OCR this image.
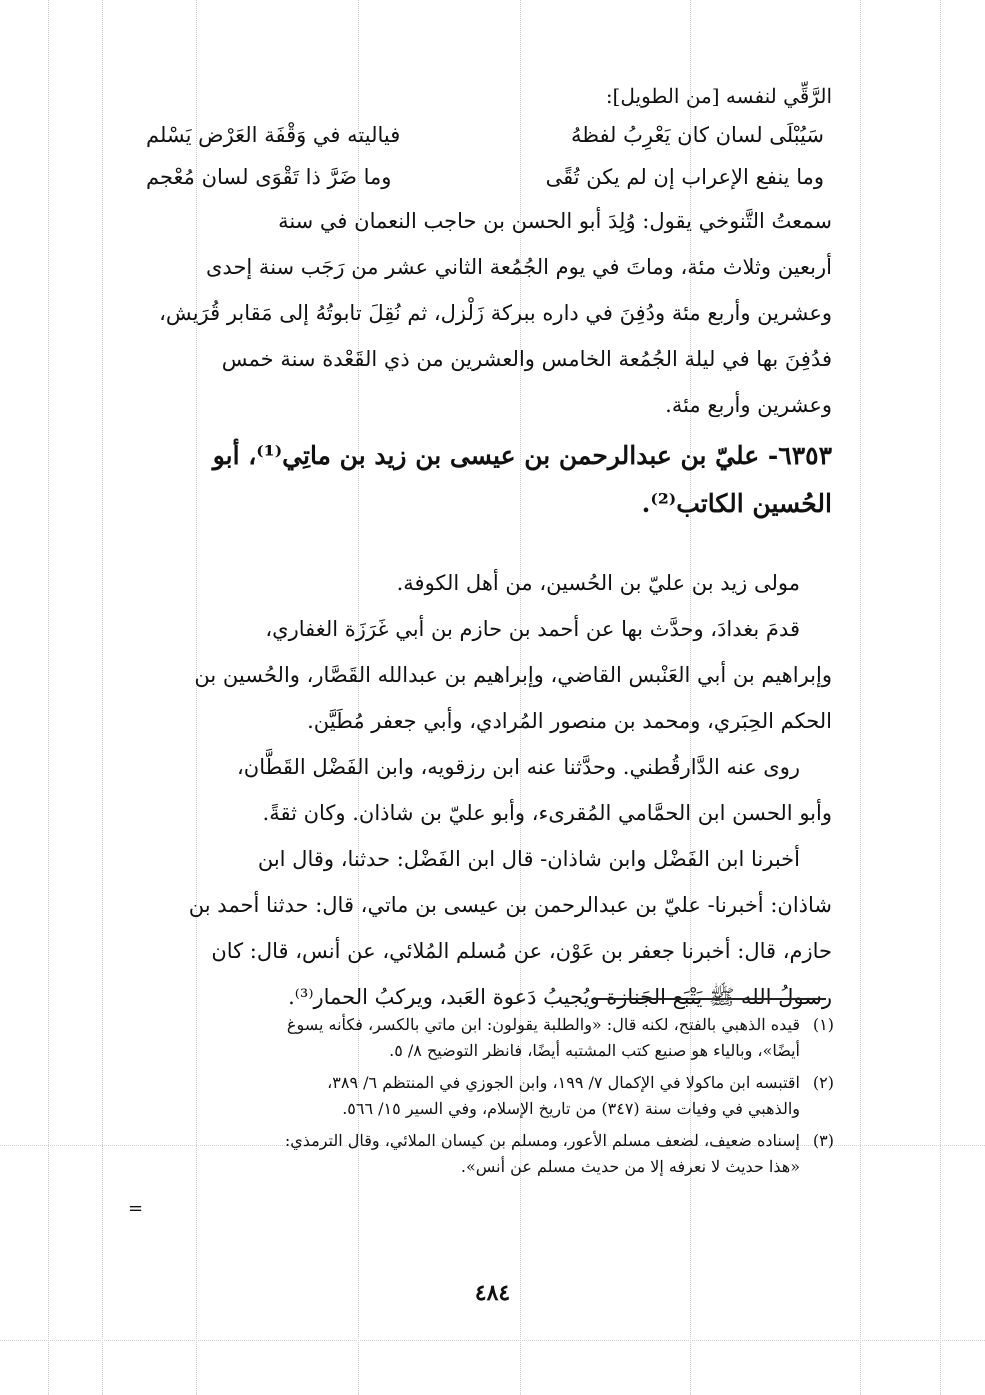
الرَّقِّي لنفسه [من الطويل]:
سَيُبْلَى لسان كان يَعْرِبُ لفظهُ
فياليته في وَقْفَة العَرْض يَسْلم
وما ينفع الإعراب إن لم يكن تُقًى
وما ضَرَّ ذا تَقْوَى لسان مُعْجم
سمعتُ التَّنوخي يقول: وُلِدَ أبو الحسن بن حاجب النعمان في سنة
أربعين وثلاث مئة، وماتَ في يوم الجُمُعة الثاني عشر من رَجَب سنة إحدى
وعشرين وأربع مئة ودُفِنَ في داره ببركة زَلْزل، ثم نُقِلَ تابوتُهُ إلى مَقابر قُرَيش،
فدُفِنَ بها في ليلة الجُمُعة الخامس والعشرين من ذي القَعْدة سنة خمس
وعشرين وأربع مئة.
٦٣٥٣- عليّ بن عبدالرحمن بن عيسى بن زيد بن ماتِي⁽¹⁾، أبو
الحُسين الكاتب⁽²⁾.
مولى زيد بن عليّ بن الحُسين، من أهل الكوفة.
قدمَ بغدادَ، وحدَّث بها عن أحمد بن حازم بن أبي غَرَزَة الغفاري،
وإبراهيم بن أبي العَنْبس القاضي، وإبراهيم بن عبدالله القَصَّار، والحُسين بن
الحكم الحِبَري، ومحمد بن منصور المُرادي، وأبي جعفر مُطَيَّن.
روى عنه الدَّارقُطني. وحدَّثنا عنه ابن رزقويه، وابن الفَضْل القَطَّان،
وأبو الحسن ابن الحمَّامي المُقرىء، وأبو عليّ بن شاذان. وكان ثقةً.
أخبرنا ابن الفَضْل وابن شاذان- قال ابن الفَضْل: حدثنا، وقال ابن
شاذان: أخبرنا- عليّ بن عبدالرحمن بن عيسى بن ماتي، قال: حدثنا أحمد بن
حازم، قال: أخبرنا جعفر بن عَوْن، عن مُسلم المُلائي، عن أنس، قال: كان
رسولُ الله ﷺ يَتْبَع الجَنازة ويُجيبُ دَعوة العَبد، ويركبُ الحمار⁽³⁾.
(١)
قيده الذهبي بالفتح، لكنه قال: «والطلبة يقولون: ابن ماتي بالكسر، فكأنه يسوغ
أيضًا»، وبالياء هو صنيع كتب المشتبه أيضًا، فانظر التوضيح ٨/ ٥.
(٢)
اقتبسه ابن ماكولا في الإكمال ٧/ ١٩٩، وابن الجوزي في المنتظم ٦/ ٣٨٩،
والذهبي في وفيات سنة (٣٤٧) من تاريخ الإسلام، وفي السير ١٥/ ٥٦٦.
(٣)
إسناده ضعيف، لضعف مسلم الأعور، ومسلم بن كيسان الملائي، وقال الترمذي:
«هذا حديث لا نعرفه إلا من حديث مسلم عن أنس».
=
٤٨٤
